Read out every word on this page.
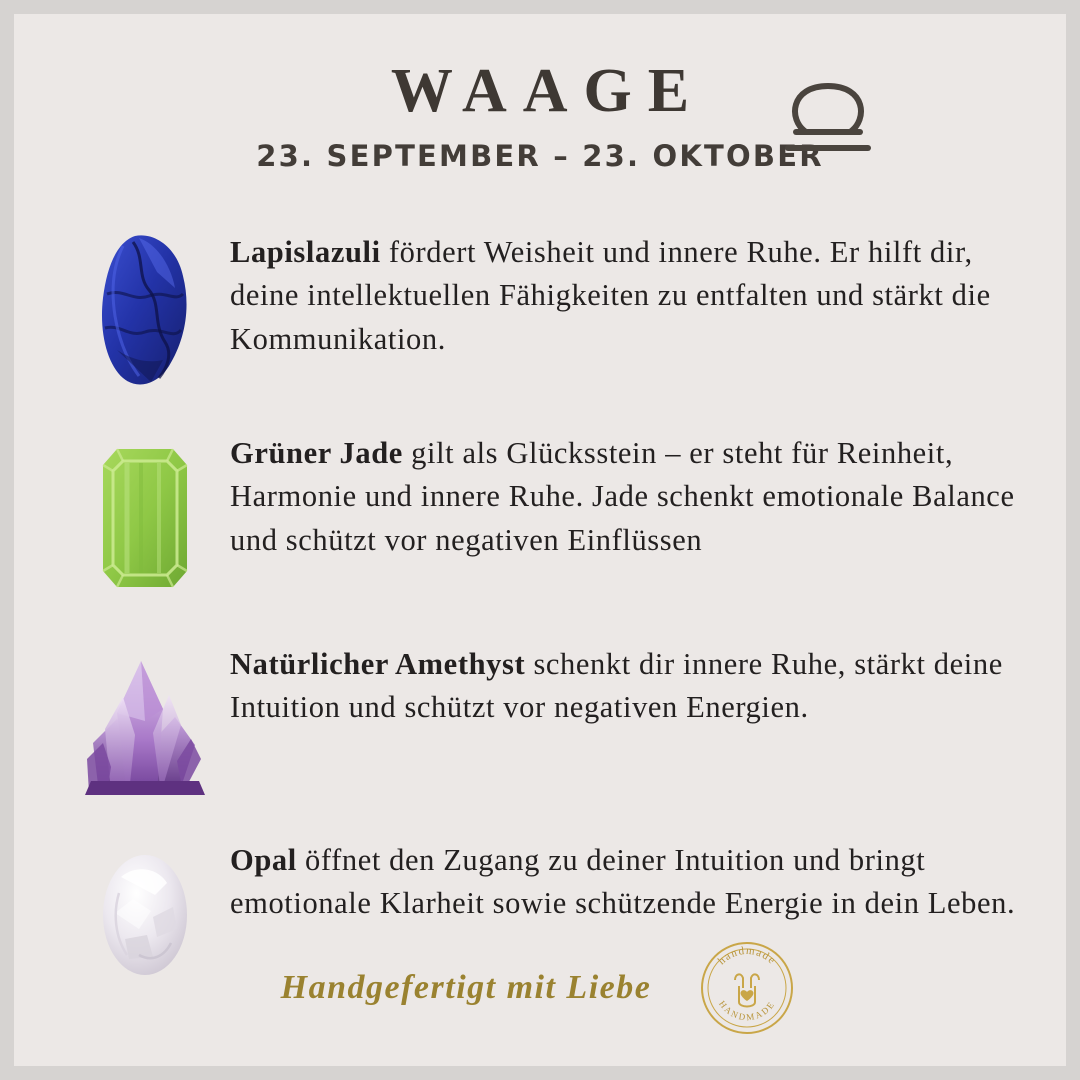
WAAGE
23. SEPTEMBER – 23. OKTOBER
Lapislazuli fördert Weisheit und innere Ruhe. Er hilft dir, deine intellektuellen Fähigkeiten zu entfalten und stärkt die Kommunikation.
Grüner Jade gilt als Glücksstein – er steht für Reinheit, Harmonie und innere Ruhe. Jade schenkt emotionale Balance und schützt vor negativen Einflüssen
Natürlicher Amethyst schenkt dir innere Ruhe, stärkt deine Intuition und schützt vor negativen Energien.
Opal öffnet den Zugang zu deiner Intuition und bringt emotionale Klarheit sowie schützende Energie in dein Leben.
Handgefertigt mit Liebe
handmade
HANDMADE
